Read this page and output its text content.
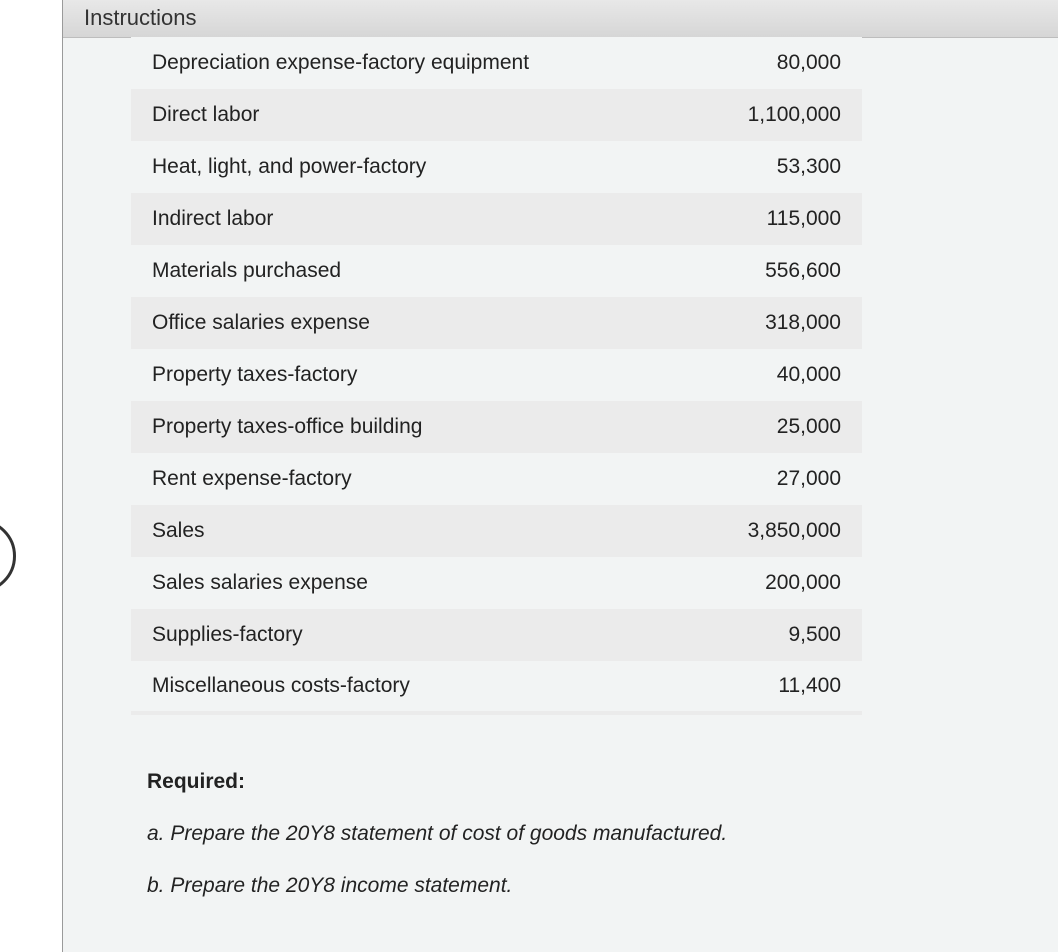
Instructions
Depreciation expense-factory equipment	80,000
Direct labor	1,100,000
Heat, light, and power-factory	53,300
Indirect labor	115,000
Materials purchased	556,600
Office salaries expense	318,000
Property taxes-factory	40,000
Property taxes-office building	25,000
Rent expense-factory	27,000
Sales	3,850,000
Sales salaries expense	200,000
Supplies-factory	9,500
Miscellaneous costs-factory	11,400
Required:
a. Prepare the 20Y8 statement of cost of goods manufactured.
b. Prepare the 20Y8 income statement.
